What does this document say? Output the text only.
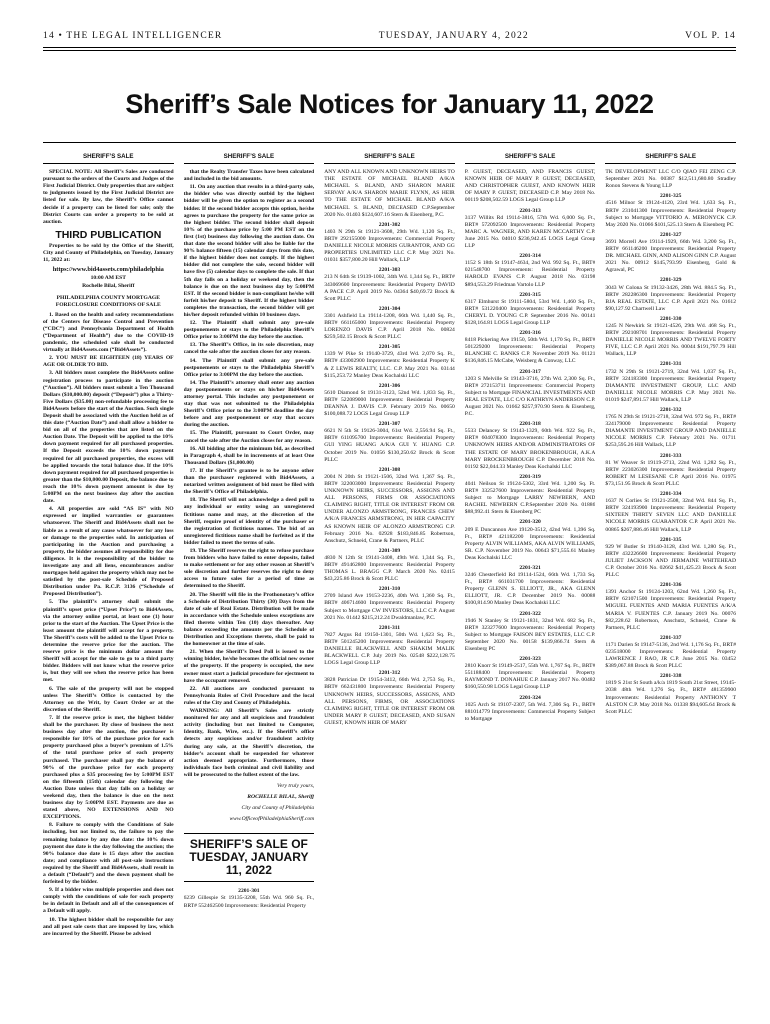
14 • THE LEGAL INTELLIGENCER	TUESDAY, JANUARY 4, 2022	VOL P. 14
Sheriff’s Sale Notices for January 11, 2022
SHERIFF’S SALE
SPECIAL NOTE: All Sheriff’s Sales are conducted pursuant to the orders of the Courts and Judges of the First Judicial District. Only properties that are subject to judgments issued by the First Judicial District are listed for sale. By law, the Sheriff’s Office cannot decide if a property can be listed for sale; only the District Courts can order a property to be sold at auction.
THIRD PUBLICATION
Properties to be sold by the Office of the Sheriff, City and County of Philadelphia, on Tuesday, January 11, 2022 at:
https://www.bid4assets.com/philadelphia
10:00 AM EST
Rochelle Bilal, Sheriff
PHILADELPHIA COUNTY MORTGAGE FORECLOSURE CONDITIONS OF SALE
1. Based on the health and safety recommendations of the Centers for Disease Control and Prevention (“CDC”) and Pennsylvania Department of Health (“Department of Health”) due to the COVID-19 pandemic, the scheduled sale shall be conducted virtually at Bid4Assets.com (“Bid4Assets”).
2. YOU MUST BE EIGHTEEN (18) YEARS OF AGE OR OLDER TO BID.
3. All bidders must complete the Bid4Assets online registration process to participate in the auction (“Auction”). All bidders must submit a Ten Thousand Dollars ($10,000.00) deposit (“Deposit”) plus a Thirty-Five Dollars ($35.00) non-refundable processing fee to Bid4Assets before the start of the Auction. Such single Deposit shall be associated with the Auction held as of this date (“Auction Date”) and shall allow a bidder to bid on all of the properties that are listed on the Auction Date. The Deposit will be applied to the 10% down payment required for all purchased properties. If the Deposit exceeds the 10% down payment required for all purchased properties, the excess will be applied towards the total balance due. If the 10% down payment required for all purchased properties is greater than the $10,000.00 Deposit, the balance due to reach the 10% down payment amount is due by 5:00PM on the next business day after the auction date.
4. All properties are sold “AS IS” with NO expressed or implied warranties or guarantees whatsoever. The Sheriff and Bid4Assets shall not be liable as a result of any cause whatsoever for any loss or damage to the properties sold. In anticipation of participating in the Auction and purchasing a property, the bidder assumes all responsibility for due diligence. It is the responsibility of the bidder to investigate any and all liens, encumbrances and/or mortgages held against the property which may not be satisfied by the post-sale Schedule of Proposed Distribution under Pa. R.C.P. 3136 (“Schedule of Proposed Distribution”).
5. The plaintiff’s attorney shall submit the plaintiff’s upset price (“Upset Price”) to Bid4Assets, via the attorney online portal, at least one (1) hour prior to the start of the Auction. The Upset Price is the least amount the plaintiff will accept for a property. The Sheriff’s costs will be added to the Upset Price to determine the reserve price for the auction. The reserve price is the minimum dollar amount the Sheriff will accept for the sale to go to a third party bidder. Bidders will not know what the reserve price is, but they will see when the reserve price has been met.
6. The sale of the property will not be stopped unless The Sheriff’s Office is contacted by the Attorney on the Writ, by Court Order or at the discretion of the Sheriff.
7. If the reserve price is met, the highest bidder shall be the purchaser. By close of business the next business day after the auction, the purchaser is responsible for 10% of the purchase price for each property purchased plus a buyer’s premium of 1.5% of the total purchase price of each property purchased. The purchaser shall pay the balance of 90% of the purchase price for each property purchased plus a $35 processing fee by 5:00PM EST on the fifteenth (15th) calendar day following the Auction Date unless that day falls on a holiday or weekend day, then the balance is due on the next business day by 5:00PM EST. Payments are due as stated above, NO EXTENSIONS AND NO EXCEPTIONS.
8. Failure to comply with the Conditions of Sale including, but not limited to, the failure to pay the remaining balance by any due date: the 10% down payment due date is the day following the auction; the 90% balance due date is 15 days after the auction date; and compliance with all post-sale instructions required by the Sheriff and Bid4Assets, shall result in a default (“Default”) and the down payment shall be forfeited by the bidder.
9. If a bidder wins multiple properties and does not comply with the conditions of sale for each property be in default in Default and all of the consequences of a Default will apply.
10. The highest bidder shall be responsible for any and all post sale costs that are imposed by law, which are incurred by the Sheriff. Please be advised
SHERIFF’S SALE
that the Realty Transfer Taxes have been calculated and included in the bid amounts.
11. On any auction that results in a third-party sale, the bidder who was directly outbid by the highest bidder will be given the option to register as a second bidder. If the second bidder accepts this option, he/she agrees to purchase the property for the same price as the highest bidder. The second bidder shall deposit 10% of the purchase price by 5:00 PM EST on the first (1st) business day following the auction date. On that date the second bidder will also be liable for the 90% balance fifteen (15) calendar days from this date, if the highest bidder does not comply. If the highest bidder did not complete the sale, second bidder will have five (5) calendar days to complete the sale. If that 5th day falls on a holiday or weekend day, then the balance is due on the next business day by 5:00PM EST. If the second bidder is non-compliant he/she will forfeit his/her deposit to Sheriff. If the highest bidder completes the transaction, the second bidder will get his/her deposit refunded within 10 business days.
12. The Plaintiff shall submit any pre-sale postponements or stays to the Philadelphia Sheriff’s Office prior to 3:00PM the day before the auction.
13. The Sheriff’s Office, in its sole discretion, may cancel the sale after the auction closes for any reason.
14. The Plaintiff shall submit any pre-sale postponements or stays to the Philadelphia Sheriff’s Office prior to 3:00PM the day before the auction.
14. The Plaintiff’s attorney shall enter any auction day postponements or stays on his/her Bid4Assets attorney portal. This includes any postponement or stay that was not submitted to the Philadelphia Sheriff’s Office prior to the 3:00PM deadline the day before and any postponement or stay that occurs during the auction.
15. The Plaintiff, pursuant to Court Order, may cancel the sale after the Auction closes for any reason.
16. All bidding after the minimum bid, as described in Paragraph 4, shall be in increments of at least One Thousand Dollars ($1,000.00)
17. If the Sheriff’s grantee is to be anyone other than the purchaser registered with Bid4Assets, a notarized written assignment of bid must be filed with the Sheriff’s Office of Philadelphia.
18. The Sheriff will not acknowledge a deed poll to any individual or entity using an unregistered fictitious name and may, at the discretion of the Sheriff, require proof of identity of the purchaser or the registration of fictitious names. The bid of an unregistered fictitious name shall be forfeited as if the bidder failed to meet the terms of sale.
19. The Sheriff reserves the right to refuse purchase from bidders who have failed to enter deposits, failed to make settlement or for any other reason at Sheriff’s sole discretion and further reserves the right to deny access to future sales for a period of time as determined to the Sheriff.
20. The Sheriff will file in the Prothonotary’s office a Schedule of Distribution Thirty (30) Days from the date of sale of Real Estate. Distribution will be made in accordance with the Schedule unless exceptions are filed thereto within Ten (10) days thereafter. Any balance exceeding the amounts per the Schedule of Distribution and Exceptions thereto, shall be paid to the homeowner at the time of sale.
21. When the Sheriff’s Deed Poll is issued to the winning bidder, he/she becomes the official new owner of the property. If the property is occupied, the new owner must start a judicial procedure for ejectment to have the occupant removed.
22. All auctions are conducted pursuant to Pennsylvania Rules of Civil Procedure and the local rules of the City and County of Philadelphia.
WARNING: All Sheriff’s Sales are strictly monitored for any and all suspicious and fraudulent activity (including but not limited to Computer, Identity, Bank, Wire, etc.). If the Sheriff’s office detects any suspicious and/or fraudulent activity during any sale, at the Sheriff’s discretion, the bidder’s account shall be suspended for whatever action deemed appropriate. Furthermore, those individuals face both criminal and civil liability and will be prosecuted to the fullest extent of the law.
Very truly yours,
ROCHELLE BILAL, Sheriff
City and County of Philadelphia
www.OfficeofPhiladelphiaSheriff.com
SHERIFF’S SALE OF TUESDAY, JANUARY 11, 2022
2201-301
6239 Gillespie St 19135-3208, 55th Wd. 960 Sq. Ft., BRT# 552462500 Improvements: Residential Property
SHERIFF’S SALE
ANY AND ALL KNOWN AND UNKNOWN HEIRS TO THE ESTATE OF MICHAEL BLAND A/K/A MICHAEL S. BLAND, AND SHARON MARIE SERVAY A/K/A SHARON MARIE FLYNN, AS HEIR TO THE ESTATE OF MICHAEL BLAND A/K/A MICHAEL S. BLAND, DECEASED C.P.September 2020 No. 01403 $124,607.16 Stern & Eisenberg, P.C.
2201-302
1403 N 29th St 19121-3608, 29th Wd. 1,120 Sq. Ft., BRT# 292155000 Improvements: Commercial Property DANIELLE NICOLE MORRIS GURANTOR, AND GG PROPERTIES UNLIMITED LLC C.P. May 2021 No. 01031 $357,800.20 Hill Wallack, LLP
2201-303
213 N 64th St 19139-1002, 34th Wd. 1,344 Sq. Ft., BRT# 343069600 Improvements: Residential Property DAVID A PACE C.P. April 2019 No. 04364 $40,69.72 Brock & Scott PLLC
2201-304
3301 Ashfield Ln 19114-1208, 66th Wd. 1,440 Sq. Ft., BRT# 661165000 Improvements: Residential Property LORENZO DAVIS C.P. April 2018 No. 00824 $259,502.15 Brock & Scott PLLC
2201-305
1339 W Pike St 19140-3729, 43rd Wd. 2,070 Sq. Ft., BRT# 433002900 Improvements: Residential Property K & Z LEWIS REALTY, LLC. C.P. May 2021 No. 03144 $115,253.72 Manley Deas Kochalski LLC
2201-306
5610 Diamond St 19131-3123, 52nd Wd. 1,833 Sq. Ft., BRT# 522089000 Improvements: Residential Property DEANNA J. DAVIS C.P. February 2019 No. 00650 $100,088.72 LOGS Legal Group LLP
2201-307
6621 N 5th St 19126-3004, 61st Wd. 2,556.94 Sq. Ft., BRT# 611095700 Improvements: Residential Property GUI YING HUANG A/K/A GUI Y. HUANG C.P. October 2019 No. 01056 $130,250.62 Brock & Scott PLLC
2201-308
2004 N 20th St 19121-1506, 32nd Wd. 1,367 Sq. Ft., BRT# 322003000 Improvements: Residential Property UNKNOWN HEIRS, SUCCESSORS, ASSIGNS AND ALL PERSONS, FIRMS OR ASSOCIATIONS CLAIMING RIGHT, TITLE OR INTEREST FROM OR UNDER ALONZO ARMSTRONG, FRANCES CHEW A/K/A FRANCES ARMSTRONG, IN HER CAPACITY AS KNOWN HEIR OF ALONZO ARMSTRONG C.P. February 2016 No. 02928 $183,846.85 Robertson, Anschutz, Schneid, Crane & Partners, PLLC
2201-309
4830 N 12th St 19141-3408, 49th Wd. 1,344 Sq. Ft., BRT# 491462800 Improvements: Residential Property THOMAS L. BRAGG C.P. March 2020 No. 02415 $43,225.86 Brock & Scott PLLC
2201-310
2709 Island Ave 19153-2236, 40th Wd. 1,360 Sq. Ft., BRT# 406714600 Improvements: Residential Property Subject to Mortgage CW INVESTORS, LLC C.P. August 2021 No. 01442 $215,212.24 Dwaldmanlaw, P.C.
2201-311
7827 Argus Rd 19150-1301, 50th Wd. 1,623 Sq. Ft., BRT# 501245200 Improvements: Residential Property DANIELLE BLACKWELL AND SHAKIM MALIK BLACKWELL C.P. July 2019 No. 02548 $222,128.75 LOGS Legal Group LLP
2201-312
3828 Patrician Dr 19154-3412, 66th Wd. 2,753 Sq. Ft., BRT# 662431800 Improvements: Residential Property UNKNOWN HEIRS, SUCCESSORS, ASSIGNS, AND ALL PERSONS, FIRMS, OR ASSOCIATIONS CLAIMING RIGHT, TITLE OR INTEREST FROM OR UNDER MARY P. GUEST, DECEASED, AND SUSAN GUEST, KNOWN HEIR OF MARY
SHERIFF’S SALE
P. GUEST, DECEASED, AND FRANCIS GUEST, KNOWN HEIR OF MARY P. GUEST, DECEASED, AND CHRISTOPHER GUEST, AND KNOWN HEIR OF MARY P. GUEST, DECEASED C.P. May 2018 No. 00119 $208,502.59 LOGS Legal Group LLP
2201-313
3137 Willits Rd 19114-3816, 57th Wd. 6,000 Sq. Ft., BRT# 572092500 Improvements: Residential Property MARC A. WAGNER, AND KAREN MCCARTHY C.P. June 2015 No. 04010 $236,942.45 LOGS Legal Group LLP
2201-314
1152 S 18th St 19147-4634, 2nd Wd. 992 Sq. Ft., BRT# 021548700 Improvements: Residential Property HAROLD EVANS C.P. August 2018 No. 03198 $894,553.29 Friedman Vartolo LLP
2201-315
6317 Elmhurst St 19111-5804, 53rd Wd. 1,460 Sq. Ft., BRT# 531220400 Improvements: Residential Property CHERYL D. YOUNG C.P. September 2016 No. 00141 $128,164.81 LOGS Legal Group LLP
2201-316
8418 Pickering Ave 19150, 50th Wd. 1,170 Sq. Ft., BRT# 501229200 Improvements: Residential Property BLANCHE C. BANKS C.P. November 2019 No. 01121 $136,846.15 McCabe, Weisberg & Conway, LLC
2201-317
1203 S Melville St 19143-3716, 27th Wd. 2,300 Sq. Ft., BRT# 272153711 Improvements: Commercial Property Subject to Mortgage FINANCIAL INVESTMENTS AND REAL ESTATE, LLC C/O KATHRYN ANDERSON C.P. August 2021 No. 01662 $257,970.90 Stern & Eisenberg, P.C.
2201-318
5533 Delancey St 19143-1329, 60th Wd. 922 Sq. Ft., BRT# 604078300 Improvements: Residential Property UNKNOWN HEIRS AND/OR ADMINISTRATORS OF THE ESTATE OF MARY BROKENBROUGH, A.K.A MARY BROCKENBROUGH C.P. December 2018 No. 01192 $22,044.33 Manley Deas Kochalski LLC
2201-319
4041 Neilson St 19124-5302, 33rd Wd. 1,200 Sq. Ft. BRT# 332527600 Improvements: Residential Property Subject to Mortgage LARRY NEWBERN, AND RACHEL NEWBERN C.P.September 2020 No. 01886 $88,992.41 Stern & Eisenberg PC
2201-320
209 E Duncannon Ave 19120-3512, 42nd Wd. 1,396 Sq. Ft., BRT# 421182200 Improvements: Residential Property ALVIN WILLIAMS, AKA ALVIN WILLIAMS, SR. C.P. November 2019 No. 00643 $71,555.61 Manley Deas Kochalski LLC
2201-321
3246 Chesterfield Rd 19114-1524, 66th Wd. 1,733 Sq. Ft., BRT# 661031700 Improvements: Residential Property GLENN S. ELLIOTT, JR., AKA GLENN ELLIOTT, JR. C.P. December 2019 No. 00088 $100,814.90 Manley Deas Kochalski LLC
2201-322
1946 N Stanley St 19121-1831, 32nd Wd. 682 Sq. Ft., BRT# 323277600 Improvements: Residential Property Subject to Mortgage FAISON BEY ESTATES, LLC C.P. September 2020 No. 00158 $139,866.74 Stern & Eisenberg PC
2201-323
2810 Knorr St 19149-2517, 55th Wd. 1,767 Sq. Ft., BRT# 551188400 Improvements: Residential Property RAYMOND T. DONAHUE C.P. January 2017 No. 00482 $160,550.98 LOGS Legal Group LLP
2201-324
1025 Arch St 19107-2307, 5th Wd. 7,306 Sq. Ft., BRT# 881014779 Improvements: Commercial Property Subject to Mortgage
SHERIFF’S SALE
TK DEVELOPMENT LLC C/O QIAO FEI ZENG C.P. September 2021 No. 00387 $12,511,680.80 Stradley Ronon Stevens & Young LLP
2201-325
4516 Milnor St 19124-4120, 23rd Wd. 1,633 Sq. Ft., BRT# 231041300 Improvements: Residential Property Subject to Mortgage VITTORIO A. MERONYCK C.P. May 2020 No. 01066 $101,525.13 Stern & Eisenberg PC
2201-327
3691 Morrell Ave 19114-1929, 66th Wd. 3,200 Sq. Ft., BRT# 661146200 Improvements: Residential Property DR. MICHAEL GINN, AND ALISON GINN C.P. August 2021 No. 00912 $145,793.99 Eisenberg, Gold & Agrawal, PC
2201-329
3043 W Colona St 19132-3426, 28th Wd. 884.5 Sq. Ft., BRT# 282286300 Improvements: Residential Property BJA REAL ESTATE, LLC C.P. April 2021 No. 01612 $90,127.92 Chartwell Law
2201-330
1245 N Newkirk St 19121-4526, 29th Wd. 468 Sq. Ft., BRT# 292108701 Improvements: Residential Property DANIELLE NICOLE MORRIS AND TWELVE FORTY FIVE, LLC C.P. April 2021 No. 00044 $191,797.79 Hill Wallack, LLP
2201-331
1732 N 29th St 19121-2719, 32nd Wd. 1,037 Sq. Ft., BRT# 324183300 Improvements: Residential Property DIAMANTE INVESTMENT GROUP, LLC AND DANIELLE NICOLE MORRIS C.P. May 2021 No. 01019 $247,891.57 Hill Wallack, LLP
2201-332
1765 N 29th St 19121-2718, 32nd Wd. 972 Sq. Ft., BRT# 324179000 Improvements: Residential Property DIAMANTE INVESTMENT GROUP AND DANIELLE NICOLE MORRIS C.P. February 2021 No. 01711 $253,595.26 Hill Wallack, LLP
2201-333
81 W Weaver St 19119-2713, 22nd Wd. 1,282 Sq. Ft., BRT# 223026300 Improvements: Residential Property ROBERT M LESESANE C.P. April 2016 No. 01975 $73,151.95 Brock & Scott PLLC
2201-334
1637 N Corlies St 19121-2508, 32nd Wd. 844 Sq. Ft., BRT# 324193900 Improvements: Residential Property SIXTEEN THIRTY SEVEN LLC AND DANIELLE NICOLE MORRIS GUARANTOR C.P. April 2021 No. 00865 $267,886.46 Hill Wallack, LLP
2201-335
929 W Butler St 19140-3128, 43rd Wd. 1,280 Sq. Ft., BRT# 432226600 Improvements: Residential Property JULIET JACKSON AND JERMAINE WHITEHEAD C.P. October 2016 No. 02662 $41,425.23 Brock & Scott PLLC
2201-336
1391 Anchor St 19124-1203, 62nd Wd. 1,260 Sq. Ft., BRT# 621071500 Improvements: Residential Property MIGUEL FUENTES AND MARIA FUENTES A/K/A MARIA V. FUENTES C.P. January 2019 No. 00076 $82,228.62 Robertson, Anschutz, Schneid, Crane & Partners, PLLC
2201-337
1171 Darien St 19147-5136, 2nd Wd. 1,176 Sq. Ft., BRT# 023518000 Improvements: Residential Property LAWRENCE J RAO, JR C.P. June 2015 No. 03452 $389,067.88 Brock & Scott PLLC
2201-338
1819 S 21st St South a/k/a 1819 South 21st Street, 19145-2038 48th Wd. 1,276 Sq. Ft., BRT# 481359900 Improvements: Residential Property ANTHONY T ALSTON C.P. May 2018 No. 01338 $94,605.64 Brock & Scott PLLC
